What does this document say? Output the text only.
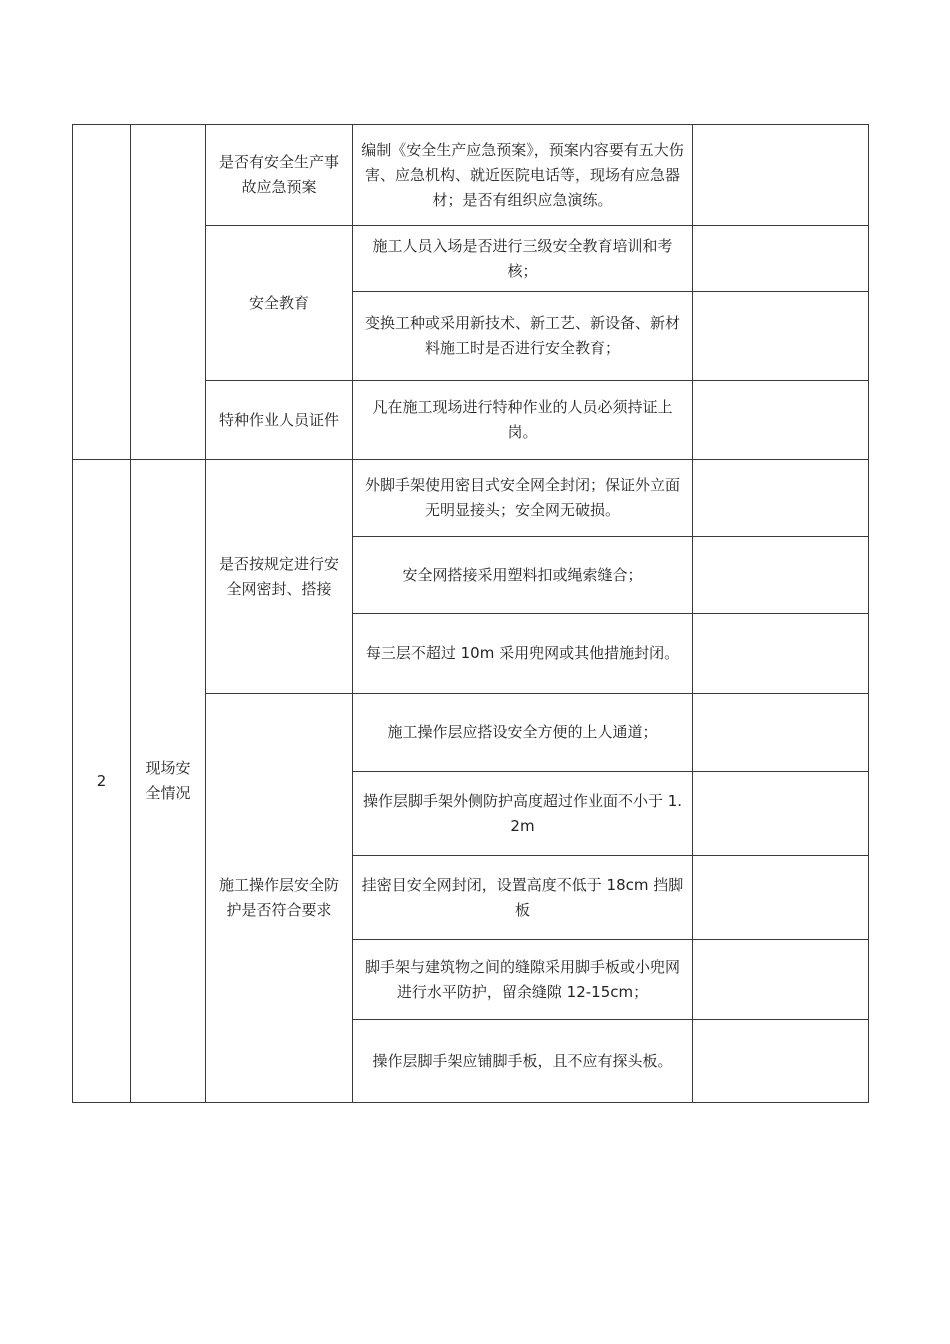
		是否有安全生产事故应急预案	编制《安全生产应急预案》，预案内容要有五大伤害、应急机构、就近医院电话等，现场有应急器材；是否有组织应急演练。	
		安全教育	施工人员入场是否进行三级安全教育培训和考核；	
			变换工种或采用新技术、新工艺、新设备、新材料施工时是否进行安全教育；	
		特种作业人员证件	凡在施工现场进行特种作业的人员必须持证上岗。	
2	现场安全情况	是否按规定进行安全网密封、搭接	外脚手架使用密目式安全网全封闭；保证外立面无明显接头；安全网无破损。	
			安全网搭接采用塑料扣或绳索缝合；	
			每三层不超过 10m 采用兜网或其他措施封闭。	
		施工操作层安全防护是否符合要求	施工操作层应搭设安全方便的上人通道；	
			操作层脚手架外侧防护高度超过作业面不小于 1.2m	
			挂密目安全网封闭，设置高度不低于 18cm 挡脚板	
			脚手架与建筑物之间的缝隙采用脚手板或小兜网进行水平防护，留余缝隙 12-15cm；	
			操作层脚手架应铺脚手板，且不应有探头板。	
